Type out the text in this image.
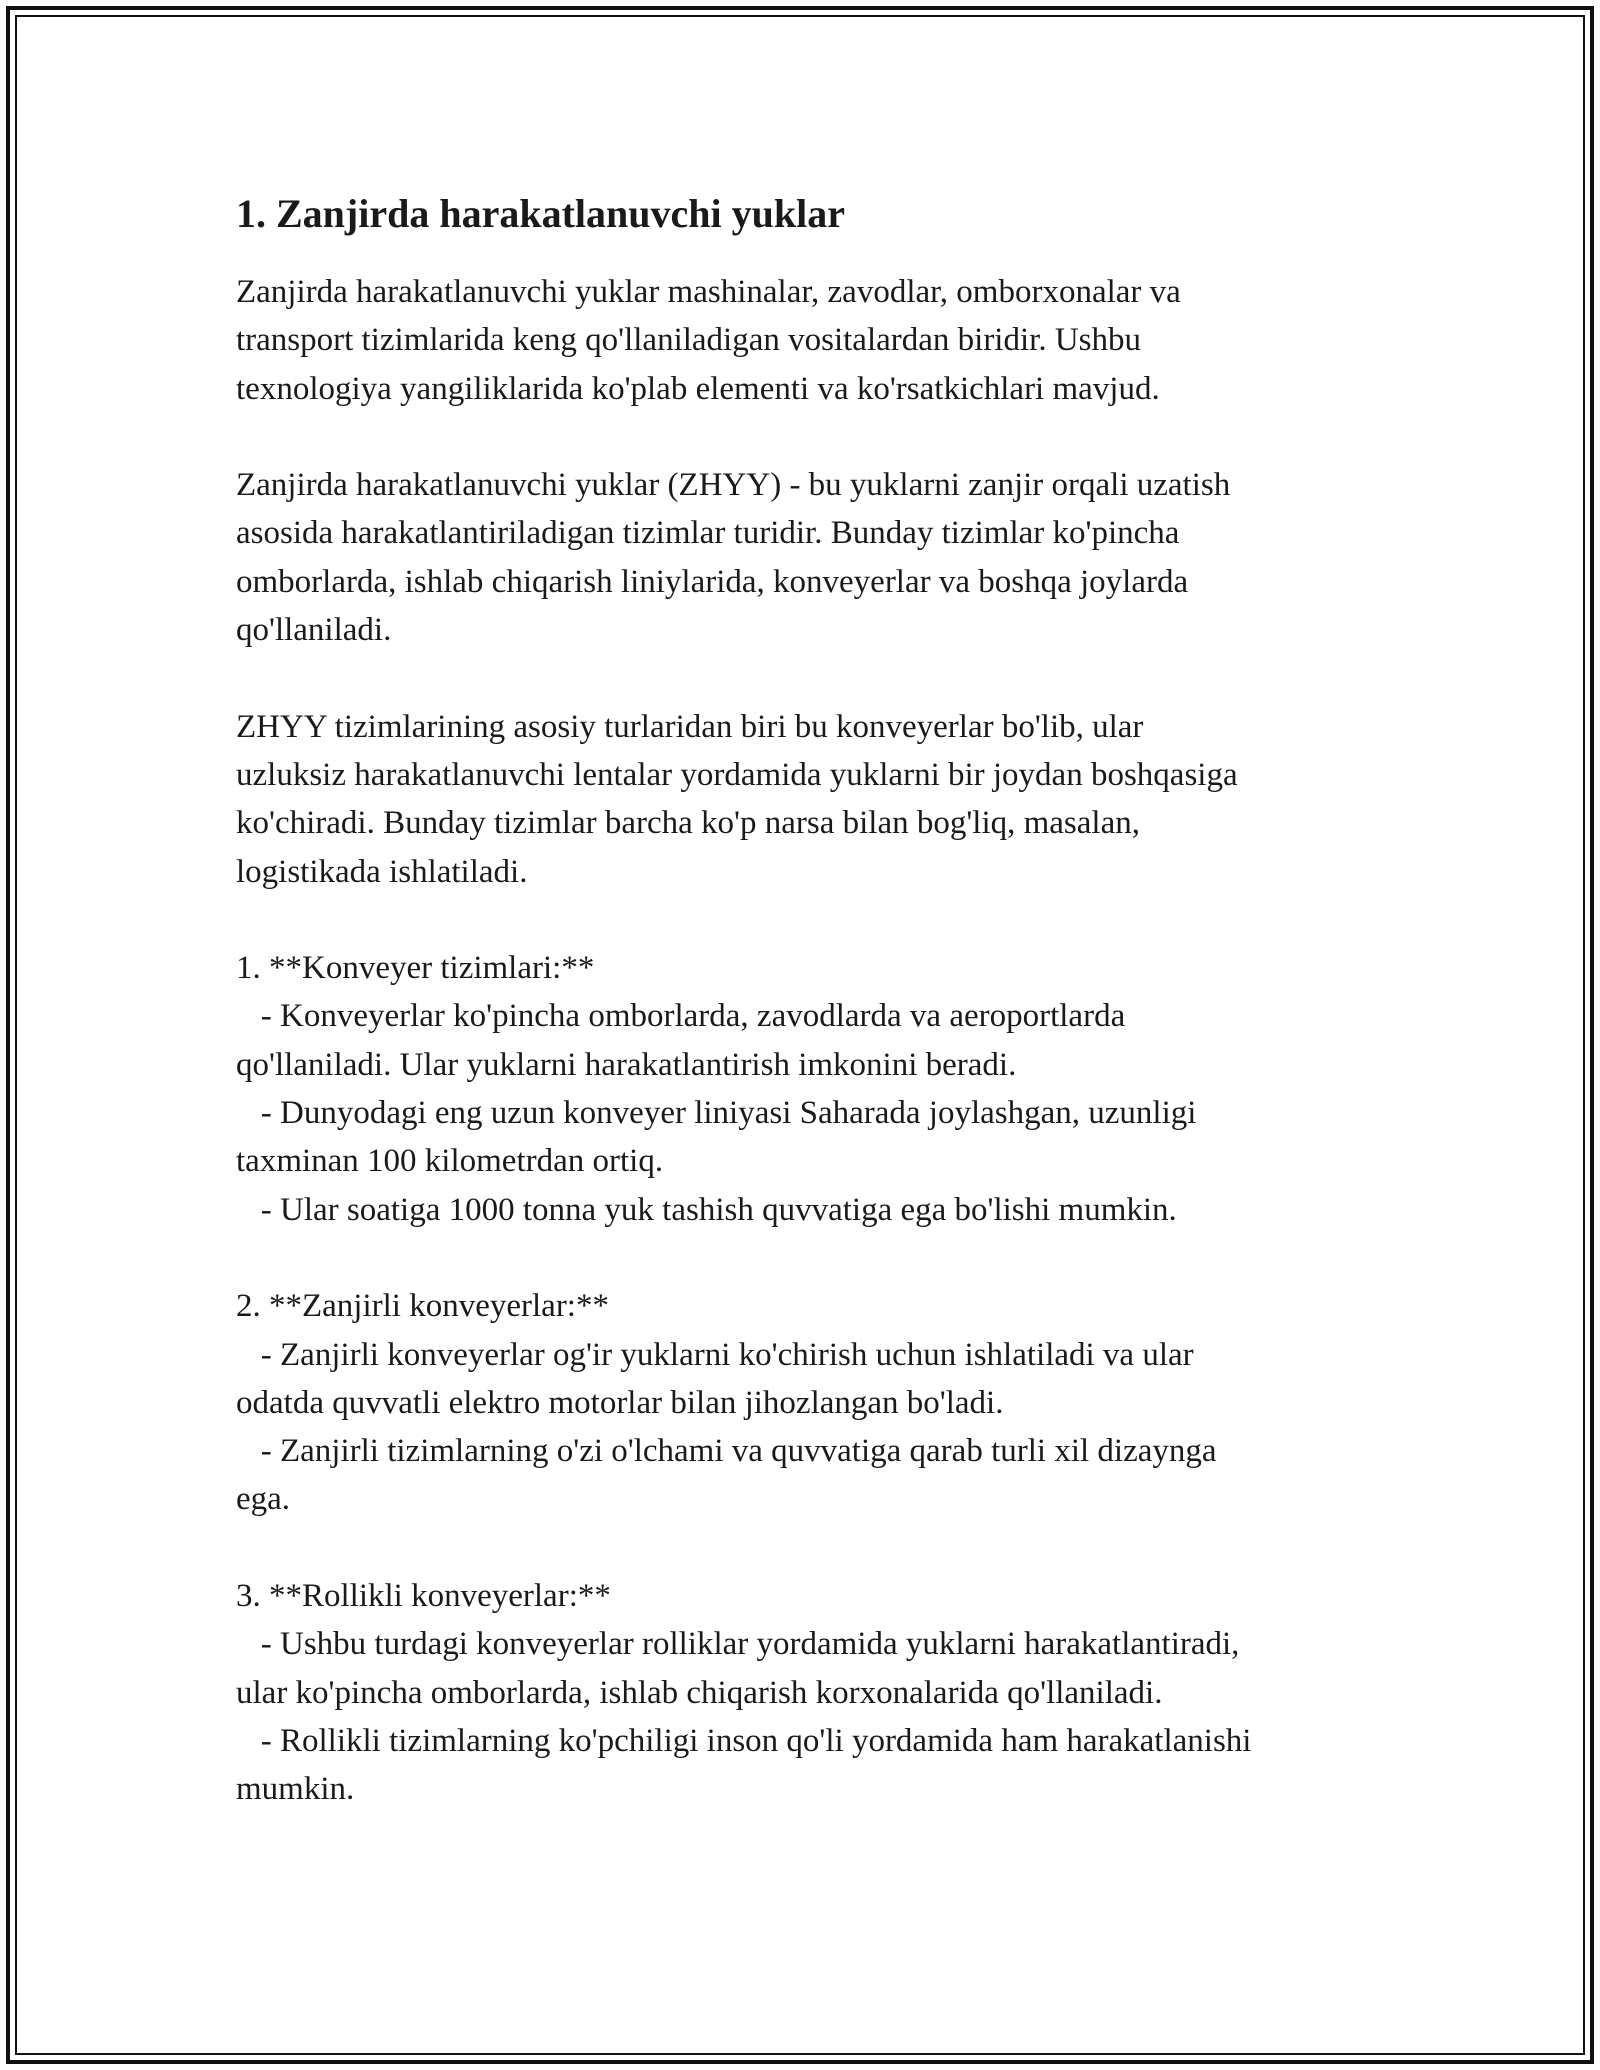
1. Zanjirda harakatlanuvchi yuklar

Zanjirda harakatlanuvchi yuklar mashinalar, zavodlar, omborxonalar va
transport tizimlarida keng qo'llaniladigan vositalardan biridir. Ushbu
texnologiya yangiliklarida ko'plab elementi va ko'rsatkichlari mavjud.

Zanjirda harakatlanuvchi yuklar (ZHYY) - bu yuklarni zanjir orqali uzatish
asosida harakatlantiriladigan tizimlar turidir. Bunday tizimlar ko'pincha
omborlarda, ishlab chiqarish liniylarida, konveyerlar va boshqa joylarda
qo'llaniladi.

ZHYY tizimlarining asosiy turlaridan biri bu konveyerlar bo'lib, ular
uzluksiz harakatlanuvchi lentalar yordamida yuklarni bir joydan boshqasiga
ko'chiradi. Bunday tizimlar barcha ko'p narsa bilan bog'liq, masalan,
logistikada ishlatiladi.

1. **Konveyer tizimlari:**
- Konveyerlar ko'pincha omborlarda, zavodlarda va aeroportlarda
qo'llaniladi. Ular yuklarni harakatlantirish imkonini beradi.
- Dunyodagi eng uzun konveyer liniyasi Saharada joylashgan, uzunligi
taxminan 100 kilometrdan ortiq.
- Ular soatiga 1000 tonna yuk tashish quvvatiga ega bo'lishi mumkin.

2. **Zanjirli konveyerlar:**
- Zanjirli konveyerlar og'ir yuklarni ko'chirish uchun ishlatiladi va ular
odatda quvvatli elektro motorlar bilan jihozlangan bo'ladi.
- Zanjirli tizimlarning o'zi o'lchami va quvvatiga qarab turli xil dizaynga
ega.

3. **Rollikli konveyerlar:**
- Ushbu turdagi konveyerlar rolliklar yordamida yuklarni harakatlantiradi,
ular ko'pincha omborlarda, ishlab chiqarish korxonalarida qo'llaniladi.
- Rollikli tizimlarning ko'pchiligi inson qo'li yordamida ham harakatlanishi
mumkin.
